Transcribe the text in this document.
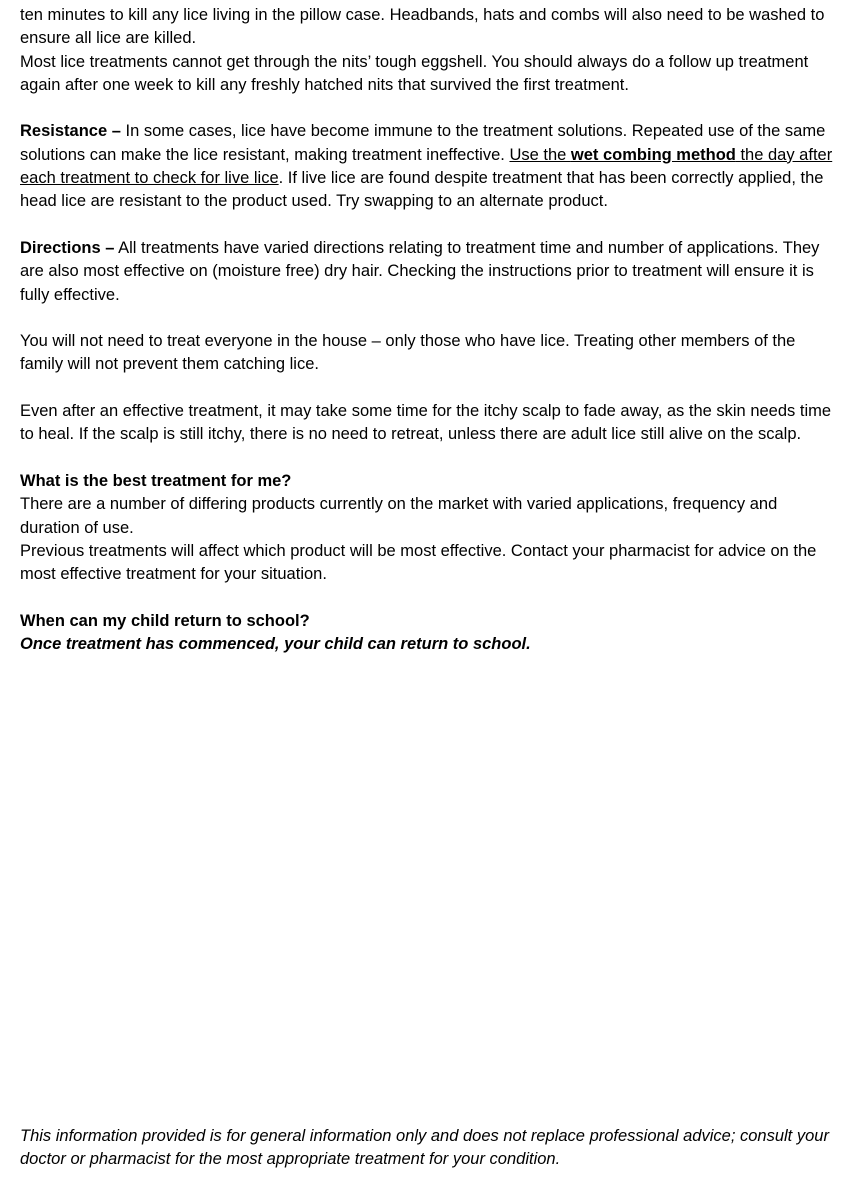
ten minutes to kill any lice living in the pillow case. Headbands, hats and combs will also need to be washed to ensure all lice are killed.

Most lice treatments cannot get through the nits’ tough eggshell. You should always do a follow up treatment again after one week to kill any freshly hatched nits that survived the first treatment.

Resistance – In some cases, lice have become immune to the treatment solutions. Repeated use of the same solutions can make the lice resistant, making treatment ineffective. Use the wet combing method the day after each treatment to check for live lice. If live lice are found despite treatment that has been correctly applied, the head lice are resistant to the product used. Try swapping to an alternate product.

Directions – All treatments have varied directions relating to treatment time and number of applications. They are also most effective on (moisture free) dry hair. Checking the instructions prior to treatment will ensure it is fully effective.

You will not need to treat everyone in the house – only those who have lice. Treating other members of the family will not prevent them catching lice.

Even after an effective treatment, it may take some time for the itchy scalp to fade away, as the skin needs time to heal. If the scalp is still itchy, there is no need to retreat, unless there are adult lice still alive on the scalp.

What is the best treatment for me?

There are a number of differing products currently on the market with varied applications, frequency and duration of use.

Previous treatments will affect which product will be most effective. Contact your pharmacist for advice on the most effective treatment for your situation.

When can my child return to school?

Once treatment has commenced, your child can return to school.

This information provided is for general information only and does not replace professional advice; consult your doctor or pharmacist for the most appropriate treatment for your condition.
